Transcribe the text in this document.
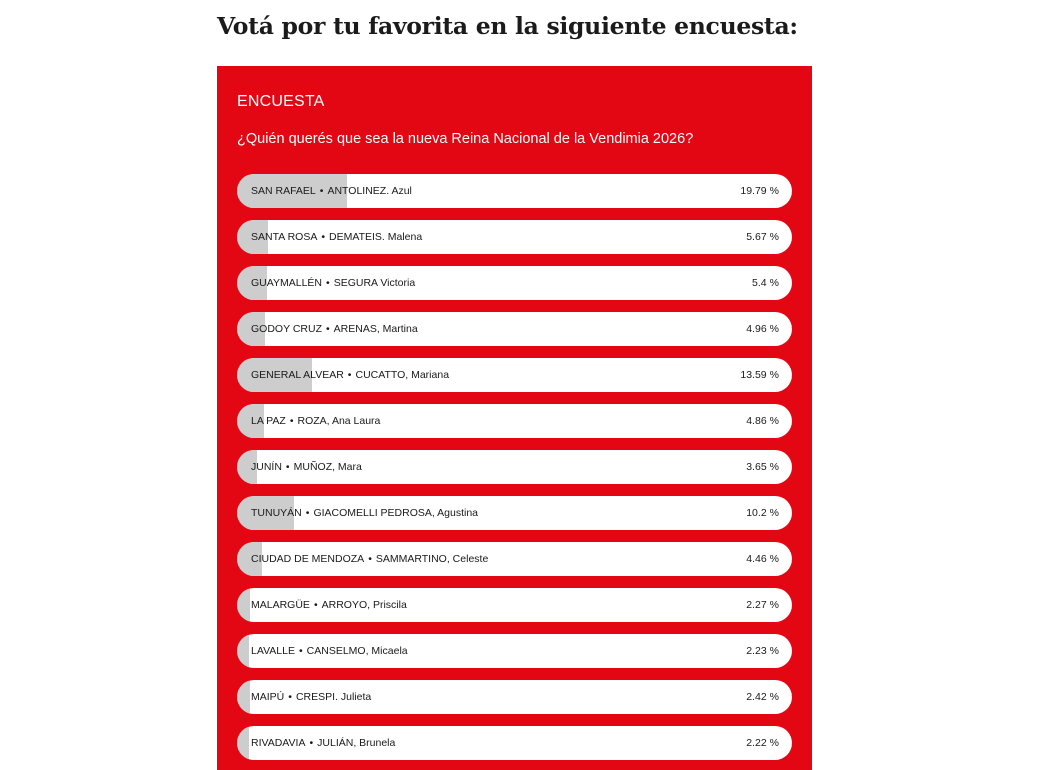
Votá por tu favorita en la siguiente encuesta:
ENCUESTA
¿Quién querés que sea la nueva Reina Nacional de la Vendimia 2026?
SAN RAFAEL • ANTOLINEZ. Azul	19.79 %
SANTA ROSA • DEMATEIS. Malena	5.67 %
GUAYMALLÉN • SEGURA Victoria	5.4 %
GODOY CRUZ • ARENAS, Martina	4.96 %
GENERAL ALVEAR • CUCATTO, Mariana	13.59 %
LA PAZ • ROZA, Ana Laura	4.86 %
JUNÍN • MUÑOZ, Mara	3.65 %
TUNUYÁN • GIACOMELLI PEDROSA, Agustina	10.2 %
CIUDAD DE MENDOZA • SAMMARTINO, Celeste	4.46 %
MALARGÜE • ARROYO, Priscila	2.27 %
LAVALLE • CANSELMO, Micaela	2.23 %
MAIPÚ • CRESPI. Julieta	2.42 %
RIVADAVIA • JULIÁN, Brunela	2.22 %
